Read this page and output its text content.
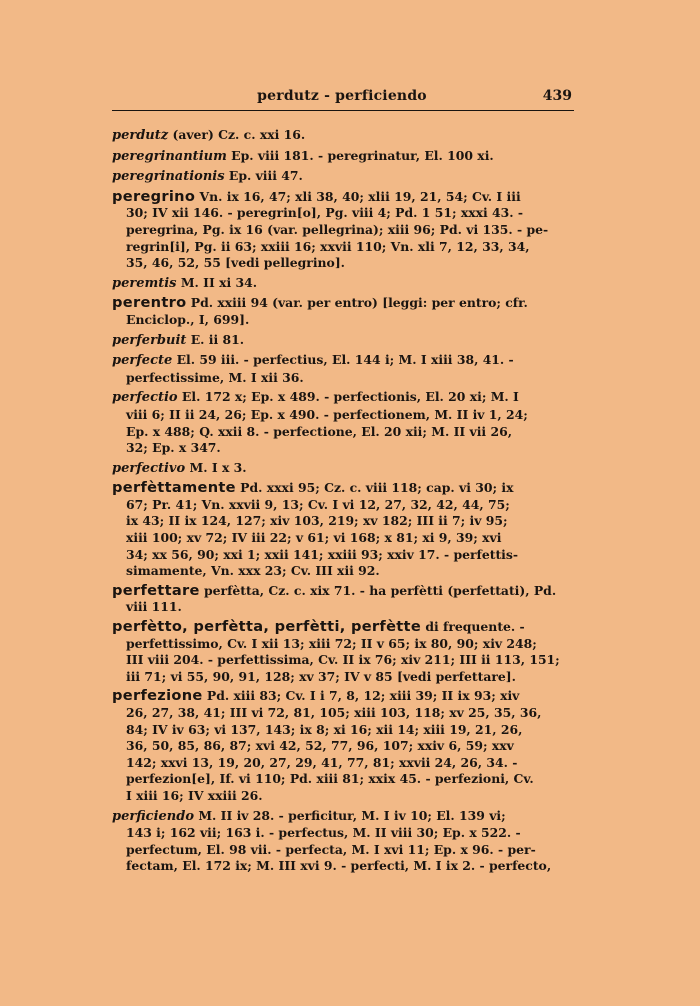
perdutz - perficiendo	439

perdutz (aver) Cz. c. xxi 16.

peregrinantium Ep. viii 181. - peregrinatur, El. 100 xi.

peregrinationis Ep. viii 47.

peregrino Vn. ix 16, 47; xli 38, 40; xlii 19, 21, 54; Cv. I iii

30; IV xii 146. - peregrin[o], Pg. viii 4; Pd. 1 51; xxxi 43. -

peregrina, Pg. ix 16 (var. pellegrina); xiii 96; Pd. vi 135. - pe-

regrin[i], Pg. ii 63; xxiii 16; xxvii 110; Vn. xli 7, 12, 33, 34,

35, 46, 52, 55 [vedi pellegrino].

peremtis M. II xi 34.

perentro Pd. xxiii 94 (var. per entro) [leggi: per entro; cfr.

Enciclop., I, 699].

perferbuit E. ii 81.

perfecte El. 59 iii. - perfectius, El. 144 i; M. I xiii 38, 41. -

perfectissime, M. I xii 36.

perfectio El. 172 x; Ep. x 489. - perfectionis, El. 20 xi; M. I

viii 6; II ii 24, 26; Ep. x 490. - perfectionem, M. II iv 1, 24;

Ep. x 488; Q. xxii 8. - perfectione, El. 20 xii; M. II vii 26,

32; Ep. x 347.

perfectivo M. I x 3.

perfèttamente Pd. xxxi 95; Cz. c. viii 118; cap. vi 30; ix

67; Pr. 41; Vn. xxvii 9, 13; Cv. I vi 12, 27, 32, 42, 44, 75;

ix 43; II ix 124, 127; xiv 103, 219; xv 182; III ii 7; iv 95;

xiii 100; xv 72; IV iii 22; v 61; vi 168; x 81; xi 9, 39; xvi

34; xx 56, 90; xxi 1; xxii 141; xxiii 93; xxiv 17. - perfettis-

simamente, Vn. xxx 23; Cv. III xii 92.

perfettare perfètta, Cz. c. xix 71. - ha perfètti (perfettati), Pd.

viii 111.

perfètto, perfètta, perfètti, perfètte di frequente. -

perfettissimo, Cv. I xii 13; xiii 72; II v 65; ix 80, 90; xiv 248;

III viii 204. - perfettissima, Cv. II ix 76; xiv 211; III ii 113, 151;

iii 71; vi 55, 90, 91, 128; xv 37; IV v 85 [vedi perfettare].

perfezione Pd. xiii 83; Cv. I i 7, 8, 12; xiii 39; II ix 93; xiv

26, 27, 38, 41; III vi 72, 81, 105; xiii 103, 118; xv 25, 35, 36,

84; IV iv 63; vi 137, 143; ix 8; xi 16; xii 14; xiii 19, 21, 26,

36, 50, 85, 86, 87; xvi 42, 52, 77, 96, 107; xxiv 6, 59; xxv

142; xxvi 13, 19, 20, 27, 29, 41, 77, 81; xxvii 24, 26, 34. -

perfezion[e], If. vi 110; Pd. xiii 81; xxix 45. - perfezioni, Cv.

I xiii 16; IV xxiii 26.

perficiendo M. II iv 28. - perficitur, M. I iv 10; El. 139 vi;

143 i; 162 vii; 163 i. - perfectus, M. II viii 30; Ep. x 522. -

perfectum, El. 98 vii. - perfecta, M. I xvi 11; Ep. x 96. - per-

fectam, El. 172 ix; M. III xvi 9. - perfecti, M. I ix 2. - perfecto,
